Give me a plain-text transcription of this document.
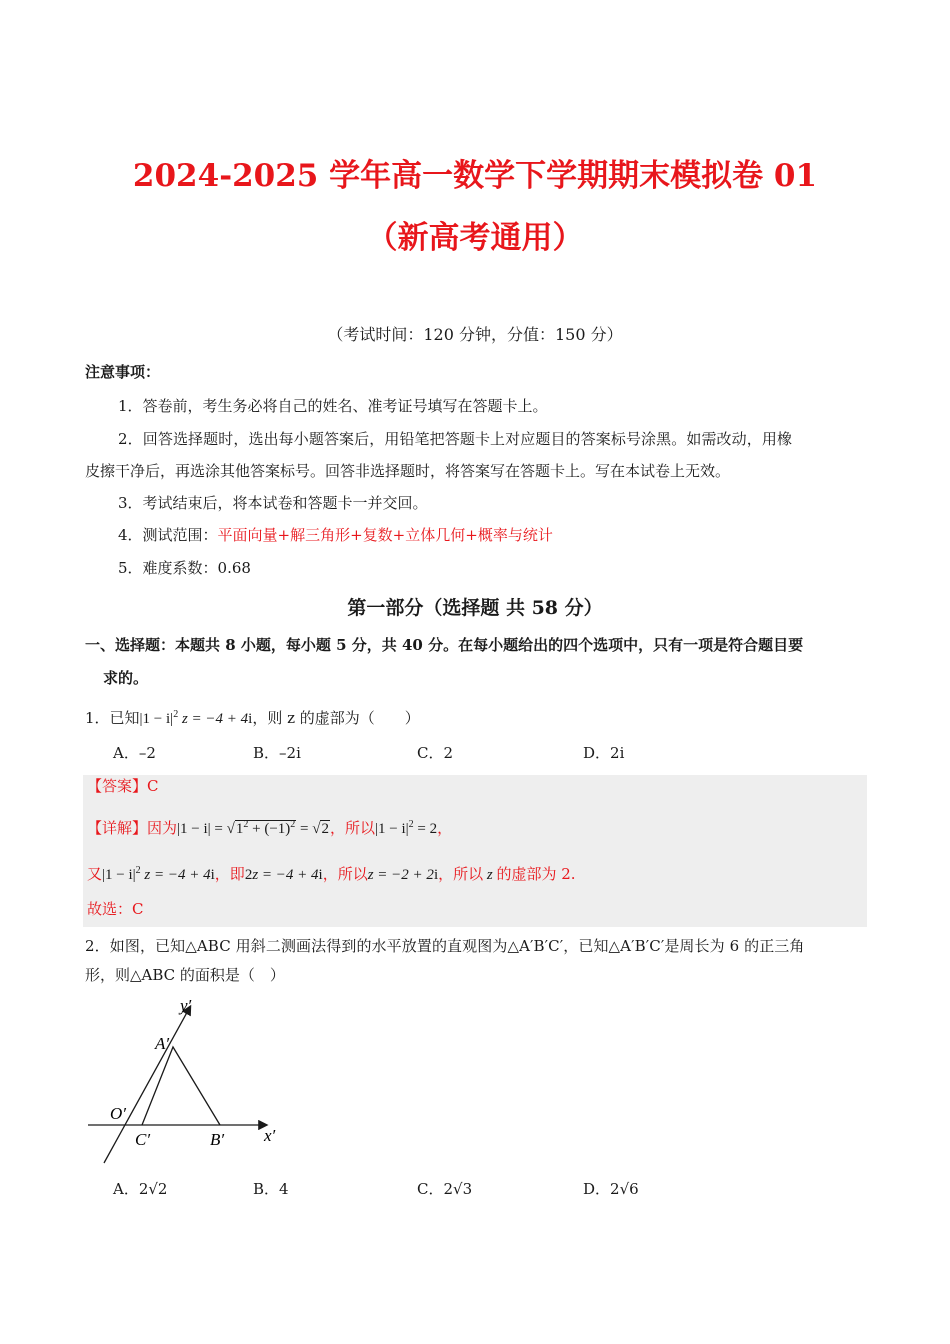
2024-2025 学年高一数学下学期期末模拟卷 01
（新高考通用）
（考试时间：120 分钟，分值：150 分）
注意事项：
1．答卷前，考生务必将自己的姓名、准考证号填写在答题卡上。
2．回答选择题时，选出每小题答案后，用铅笔把答题卡上对应题目的答案标号涂黑。如需改动，用橡
皮擦干净后，再选涂其他答案标号。回答非选择题时，将答案写在答题卡上。写在本试卷上无效。
3．考试结束后，将本试卷和答题卡一并交回。
4．测试范围：平面向量+解三角形+复数+立体几何+概率与统计
5．难度系数：0.68
第一部分（选择题 共 58 分）
一、选择题：本题共 8 小题，每小题 5 分，共 40 分。在每小题给出的四个选项中，只有一项是符合题目要
求的。
1．已知$|1 - i|^2$ z = −4 + 4i，则 z 的虚部为（　　）
A．–2	B．–2i	C．2	D．2i
【答案】C
【详解】因为$|1 - i| = √1^2 + (-1)^2 = √2$，所以$|1 - i|^2 = 2$，
又$|1 - i|^2$ z = −4 + 4i，即2z = −4 + 4i，所以z = −2 + 2i，所以 z 的虚部为 2.
故选：C
2．如图，已知△ABC 用斜二测画法得到的水平放置的直观图为△A′B′C′，已知△A′B′C′是周长为 6 的正三角
形，则△ABC 的面积是（　）
y′
A′
O′
C′	B′ x′
A．2√2	B．4	C．2√3	D．2√6
